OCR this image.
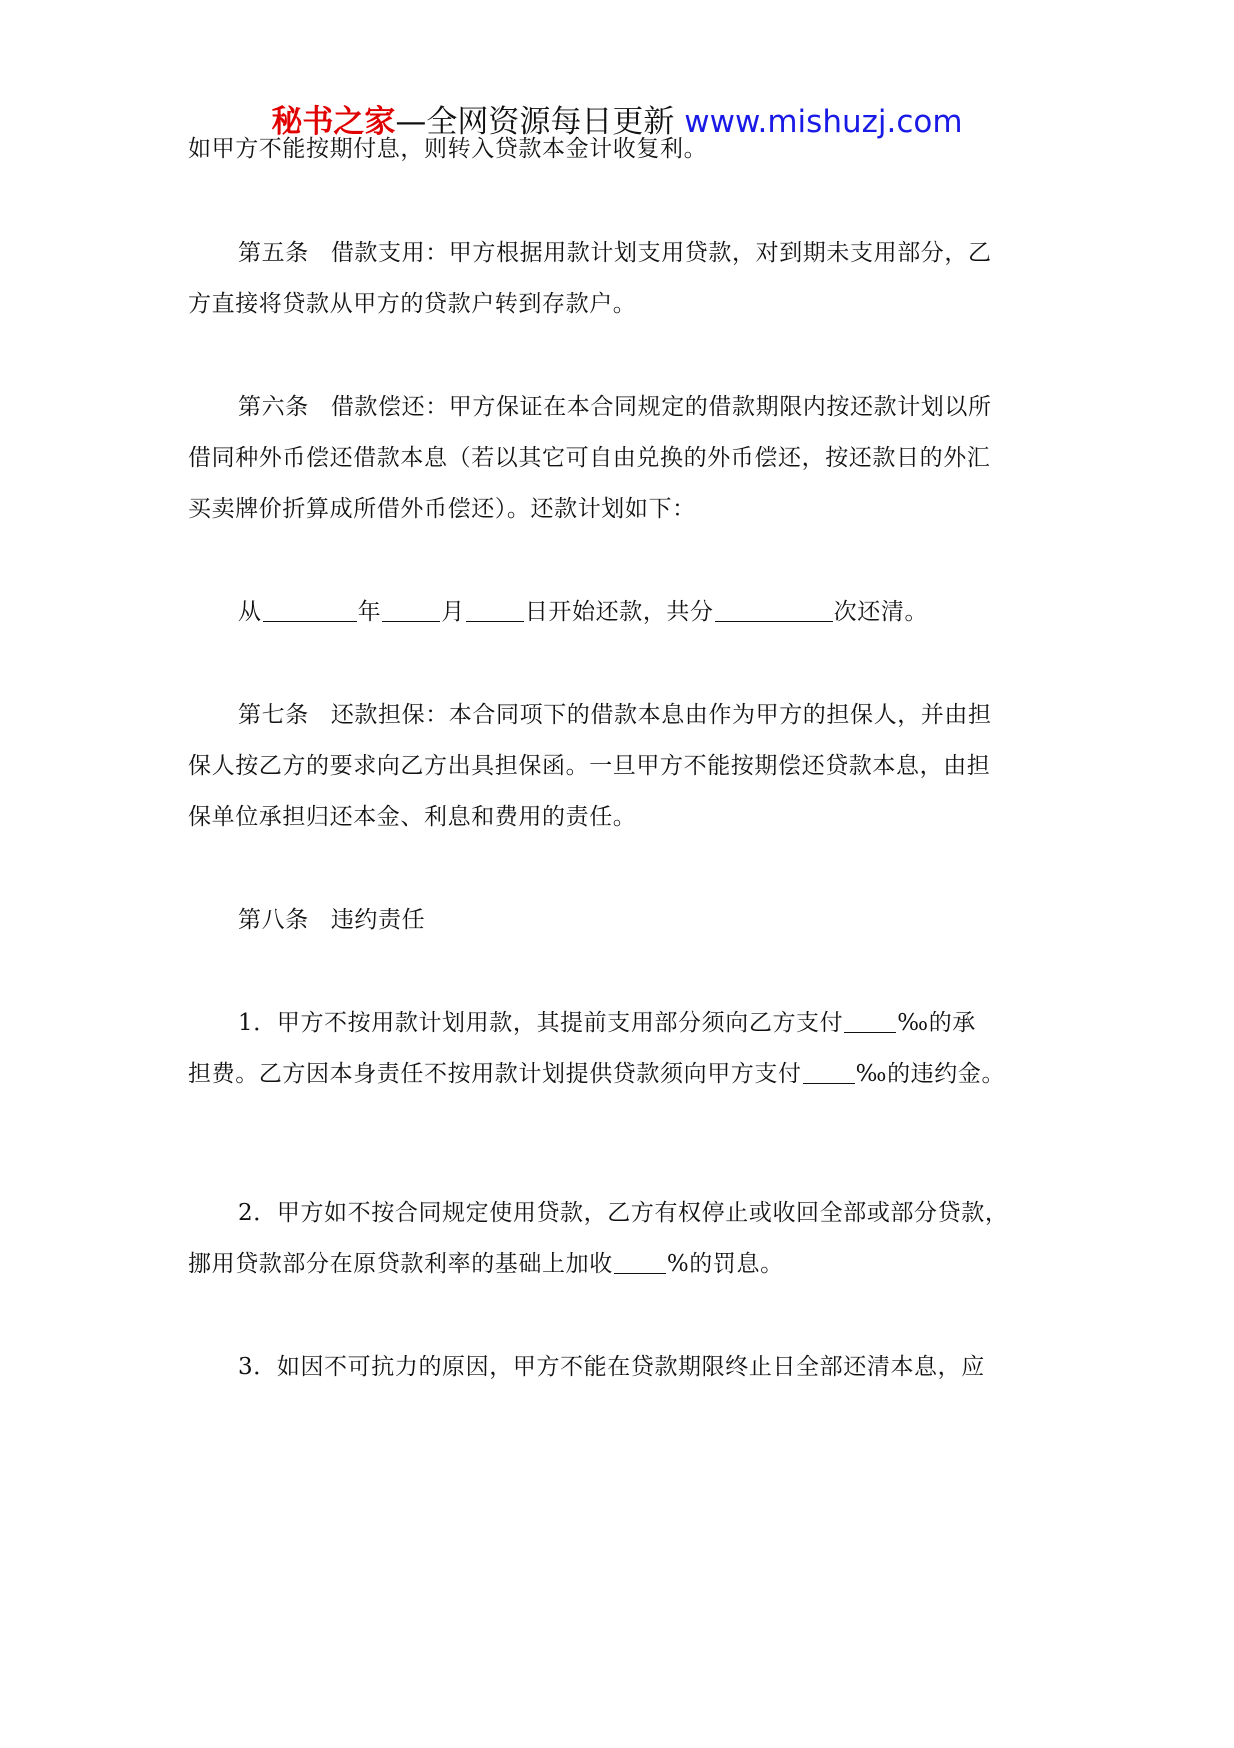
秘书之家—全网资源每日更新 www.mishuzj.com
如甲方不能按期付息，则转入贷款本金计收复利。
第五条 借款支用：甲方根据用款计划支用贷款，对到期未支用部分，乙
方直接将贷款从甲方的贷款户转到存款户。
第六条 借款偿还：甲方保证在本合同规定的借款期限内按还款计划以所
借同种外币偿还借款本息（若以其它可自由兑换的外币偿还，按还款日的外汇
买卖牌价折算成所借外币偿还）。还款计划如下：
从	年	月	日开始还款，共分	次还清。
第七条 还款担保：本合同项下的借款本息由作为甲方的担保人，并由担
保人按乙方的要求向乙方出具担保函。一旦甲方不能按期偿还贷款本息，由担
保单位承担归还本金、利息和费用的责任。
第八条 违约责任
1．甲方不按用款计划用款，其提前支用部分须向乙方支付 ‰的承
担费。乙方因本身责任不按用款计划提供贷款须向甲方支付 ‰的违约金。
2．甲方如不按合同规定使用贷款，乙方有权停止或收回全部或部分贷款，
挪用贷款部分在原贷款利率的基础上加收 %的罚息。
3．如因不可抗力的原因，甲方不能在贷款期限终止日全部还清本息，应
